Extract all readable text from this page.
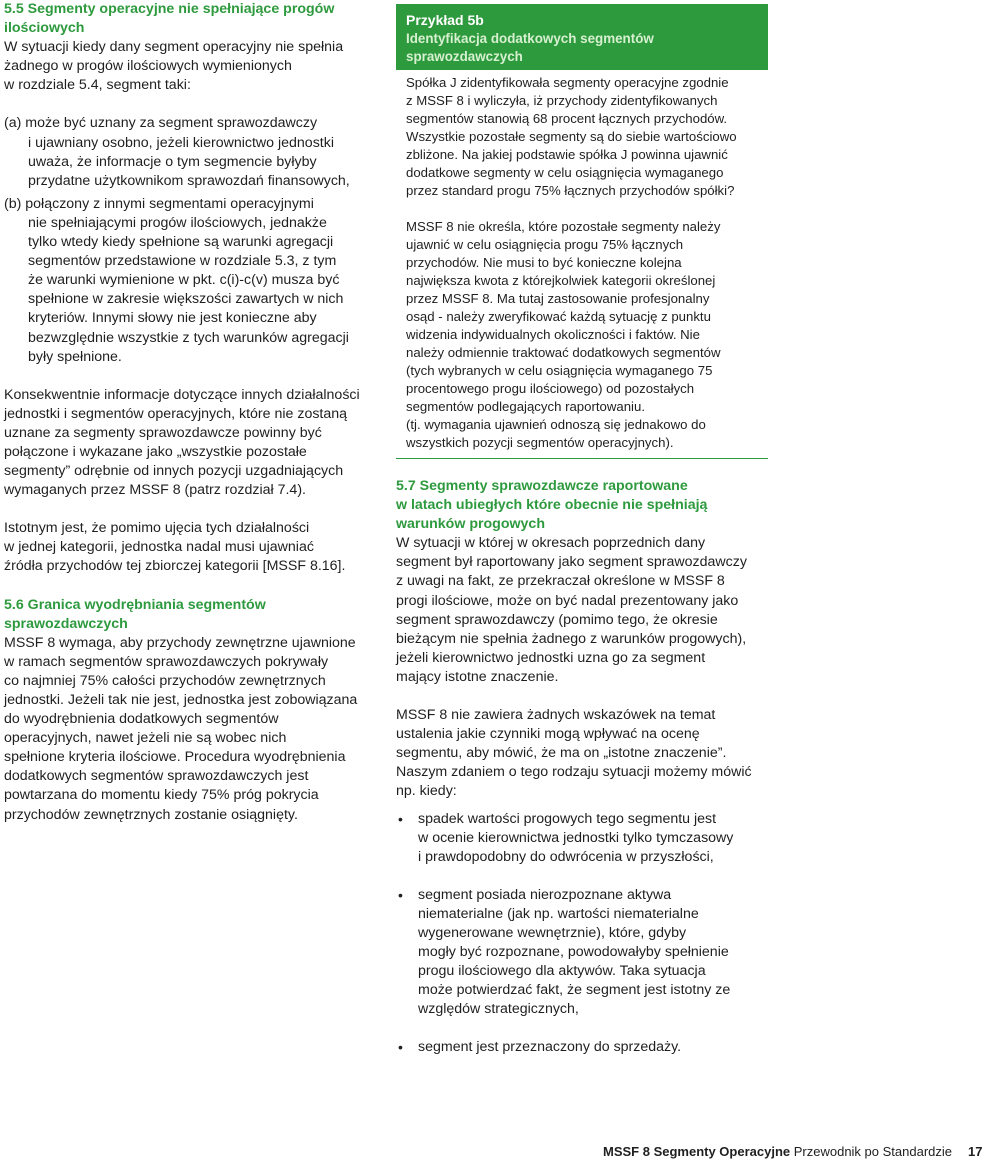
5.5 Segmenty operacyjne nie spełniające progów
ilościowych
W sytuacji kiedy dany segment operacyjny nie spełnia
żadnego w progów ilościowych wymienionych
w rozdziale 5.4, segment taki:
(a) może być uznany za segment sprawozdawczy
i ujawniany osobno, jeżeli kierownictwo jednostki
uważa, że informacje o tym segmencie byłyby
przydatne użytkownikom sprawozdań finansowych,
(b) połączony z innymi segmentami operacyjnymi
nie spełniającymi progów ilościowych, jednakże
tylko wtedy kiedy spełnione są warunki agregacji
segmentów przedstawione w rozdziale 5.3, z tym
że warunki wymienione w pkt. c(i)-c(v) musza być
spełnione w zakresie większości zawartych w nich
kryteriów. Innymi słowy nie jest konieczne aby
bezwzględnie wszystkie z tych warunków agregacji
były spełnione.
Konsekwentnie informacje dotyczące innych działalności
jednostki i segmentów operacyjnych, które nie zostaną
uznane za segmenty sprawozdawcze powinny być
połączone i wykazane jako „wszystkie pozostałe
segmenty” odrębnie od innych pozycji uzgadniających
wymaganych przez MSSF 8 (patrz rozdział 7.4).
Istotnym jest, że pomimo ujęcia tych działalności
w jednej kategorii, jednostka nadal musi ujawniać
źródła przychodów tej zbiorczej kategorii [MSSF 8.16].
5.6 Granica wyodrębniania segmentów
sprawozdawczych
MSSF 8 wymaga, aby przychody zewnętrzne ujawnione
w ramach segmentów sprawozdawczych pokrywały
co najmniej 75% całości przychodów zewnętrznych
jednostki. Jeżeli tak nie jest, jednostka jest zobowiązana
do wyodrębnienia dodatkowych segmentów
operacyjnych, nawet jeżeli nie są wobec nich
spełnione kryteria ilościowe. Procedura wyodrębnienia
dodatkowych segmentów sprawozdawczych jest
powtarzana do momentu kiedy 75% próg pokrycia
przychodów zewnętrznych zostanie osiągnięty.
Przykład 5b
Identyfikacja dodatkowych segmentów
sprawozdawczych
Spółka J zidentyfikowała segmenty operacyjne zgodnie
z MSSF 8 i wyliczyła, iż przychody zidentyfikowanych
segmentów stanowią 68 procent łącznych przychodów.
Wszystkie pozostałe segmenty są do siebie wartościowo
zbliżone. Na jakiej podstawie spółka J powinna ujawnić
dodatkowe segmenty w celu osiągnięcia wymaganego
przez standard progu 75% łącznych przychodów spółki?
MSSF 8 nie określa, które pozostałe segmenty należy
ujawnić w celu osiągnięcia progu 75% łącznych
przychodów. Nie musi to być konieczne kolejna
największa kwota z którejkolwiek kategorii określonej
przez MSSF 8. Ma tutaj zastosowanie profesjonalny
osąd - należy zweryfikować każdą sytuację z punktu
widzenia indywidualnych okoliczności i faktów. Nie
należy odmiennie traktować dodatkowych segmentów
(tych wybranych w celu osiągnięcia wymaganego 75
procentowego progu ilościowego) od pozostałych
segmentów podlegających raportowaniu.
(tj. wymagania ujawnień odnoszą się jednakowo do
wszystkich pozycji segmentów operacyjnych).
5.7 Segmenty sprawozdawcze raportowane
w latach ubiegłych które obecnie nie spełniają
warunków progowych
W sytuacji w której w okresach poprzednich dany
segment był raportowany jako segment sprawozdawczy
z uwagi na fakt, ze przekraczał określone w MSSF 8
progi ilościowe, może on być nadal prezentowany jako
segment sprawozdawczy (pomimo tego, że okresie
bieżącym nie spełnia żadnego z warunków progowych),
jeżeli kierownictwo jednostki uzna go za segment
mający istotne znaczenie.
MSSF 8 nie zawiera żadnych wskazówek na temat
ustalenia jakie czynniki mogą wpływać na ocenę
segmentu, aby mówić, że ma on „istotne znaczenie”.
Naszym zdaniem o tego rodzaju sytuacji możemy mówić
np. kiedy:
• spadek wartości progowych tego segmentu jest
w ocenie kierownictwa jednostki tylko tymczasowy
i prawdopodobny do odwrócenia w przyszłości,
• segment posiada nierozpoznane aktywa
niematerialne (jak np. wartości niematerialne
wygenerowane wewnętrznie), które, gdyby
mogły być rozpoznane, powodowałyby spełnienie
progu ilościowego dla aktywów. Taka sytuacja
może potwierdzać fakt, że segment jest istotny ze
względów strategicznych,
• segment jest przeznaczony do sprzedaży.
MSSF 8 Segmenty Operacyjne Przewodnik po Standardzie 17
